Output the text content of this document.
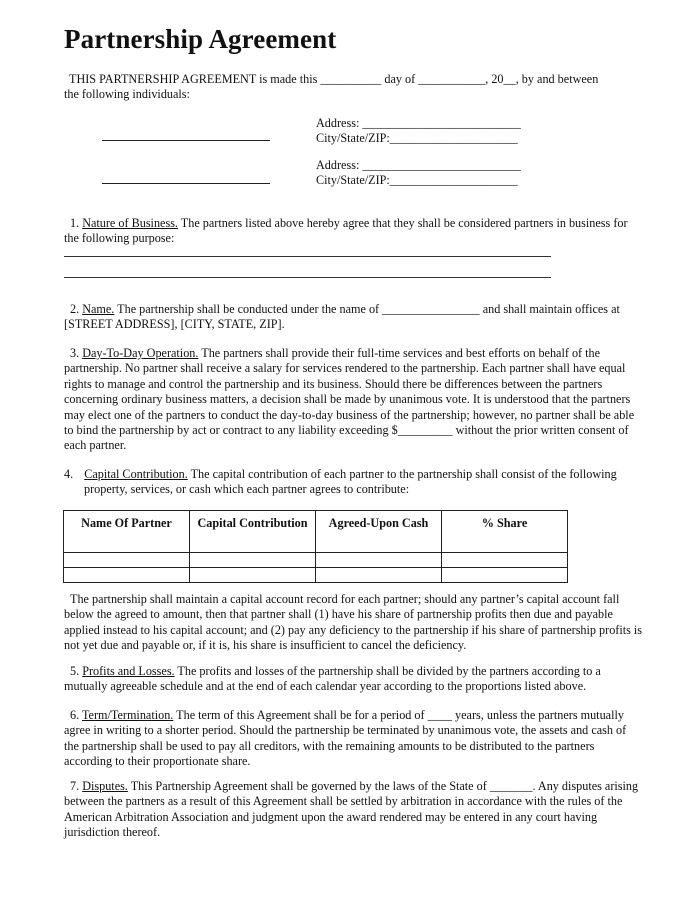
Partnership Agreement
THIS PARTNERSHIP AGREEMENT is made this __________ day of ___________, 20__, by and between
the following individuals:
Address: __________________________
City/State/ZIP:_____________________
Address: __________________________
City/State/ZIP:_____________________
1. Nature of Business. The partners listed above hereby agree that they shall be considered partners in business for the following purpose:
2. Name. The partnership shall be conducted under the name of ________________ and shall maintain offices at [STREET ADDRESS], [CITY, STATE, ZIP].
3. Day-To-Day Operation. The partners shall provide their full-time services and best efforts on behalf of the partnership. No partner shall receive a salary for services rendered to the partnership. Each partner shall have equal rights to manage and control the partnership and its business. Should there be differences between the partners concerning ordinary business matters, a decision shall be made by unanimous vote. It is understood that the partners may elect one of the partners to conduct the day-to-day business of the partnership; however, no partner shall be able to bind the partnership by act or contract to any liability exceeding $_________ without the prior written consent of each partner.
4. Capital Contribution. The capital contribution of each partner to the partnership shall consist of the following
property, services, or cash which each partner agrees to contribute:
Name Of Partner	Capital Contribution	Agreed-Upon Cash	% Share

The partnership shall maintain a capital account record for each partner; should any partner’s capital account fall below the agreed to amount, then that partner shall (1) have his share of partnership profits then due and payable applied instead to his capital account; and (2) pay any deficiency to the partnership if his share of partnership profits is not yet due and payable or, if it is, his share is insufficient to cancel the deficiency.
5. Profits and Losses. The profits and losses of the partnership shall be divided by the partners according to a mutually agreeable schedule and at the end of each calendar year according to the proportions listed above.
6. Term/Termination. The term of this Agreement shall be for a period of ____ years, unless the partners mutually agree in writing to a shorter period. Should the partnership be terminated by unanimous vote, the assets and cash of the partnership shall be used to pay all creditors, with the remaining amounts to be distributed to the partners according to their proportionate share.
7. Disputes. This Partnership Agreement shall be governed by the laws of the State of _______. Any disputes arising between the partners as a result of this Agreement shall be settled by arbitration in accordance with the rules of the American Arbitration Association and judgment upon the award rendered may be entered in any court having jurisdiction thereof.
